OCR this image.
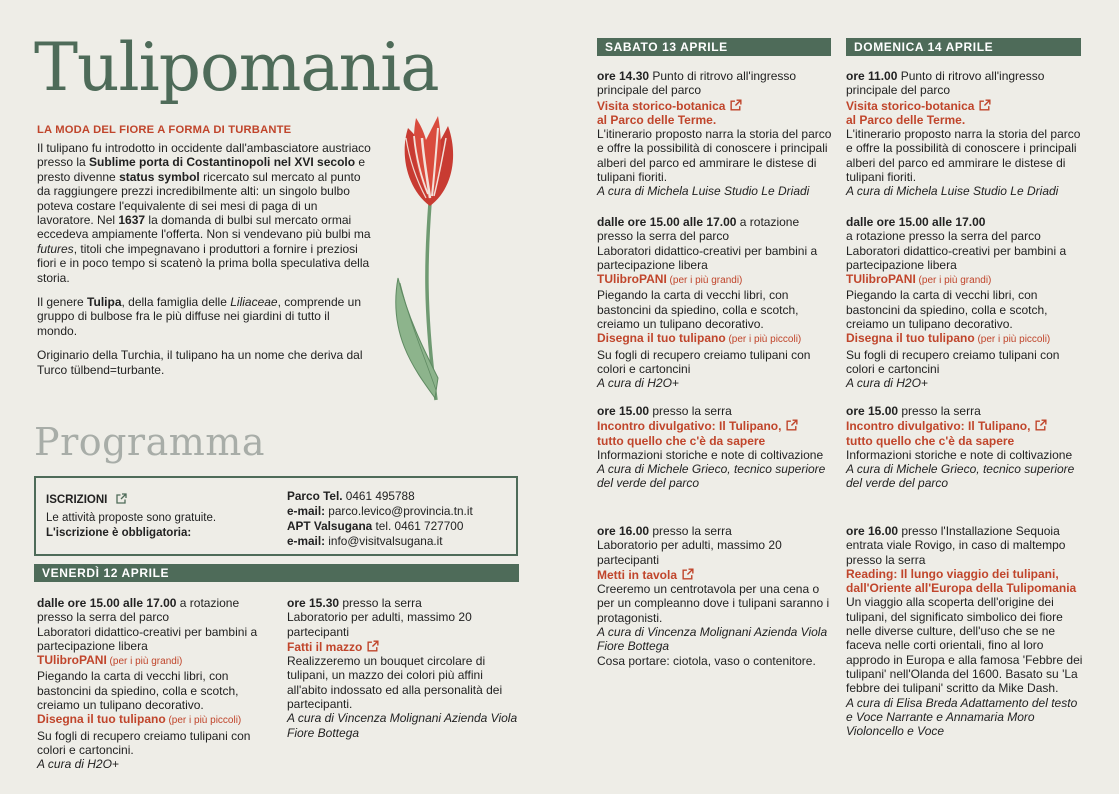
Tulipomania
LA MODA DEL FIORE A FORMA DI TURBANTE

Il tulipano fu introdotto in occidente dall'ambasciatore austriaco presso la Sublime porta di Costantinopoli nel XVI secolo e presto divenne status symbol ricercato sul mercato al punto da raggiungere prezzi incredibilmente alti: un singolo bulbo poteva costare l'equivalente di sei mesi di paga di un lavoratore. Nel 1637 la domanda di bulbi sul mercato ormai eccedeva ampiamente l'offerta. Non si vendevano più bulbi ma futures, titoli che impegnavano i produttori a fornire i preziosi fiori e in poco tempo si scatenò la prima bolla speculativa della storia.

Il genere Tulipa, della famiglia delle Liliaceae, comprende un gruppo di bulbose fra le più diffuse nei giardini di tutto il mondo.

Originario della Turchia, il tulipano ha un nome che deriva dal Turco tülbend=turbante.

Programma
ISCRIZIONI
Le attività proposte sono gratuite.
L'iscrizione è obbligatoria:
Parco Tel. 0461 495788
e-mail: parco.levico@provincia.tn.it
APT Valsugana tel. 0461 727700
e-mail: info@visitvalsugana.it
VENERDÌ 12 APRILE
dalle ore 15.00 alle 17.00 a rotazione presso la serra del parco
Laboratori didattico-creativi per bambini a partecipazione libera
TUlibroPANI (per i più grandi)
Piegando la carta di vecchi libri, con bastoncini da spiedino, colla e scotch, creiamo un tulipano decorativo.
Disegna il tuo tulipano (per i più piccoli)
Su fogli di recupero creiamo tulipani con colori e cartoncini.
A cura di H2O+
ore 15.30 presso la serra
Laboratorio per adulti, massimo 20 partecipanti
Fatti il mazzo
Realizzeremo un bouquet circolare di tulipani, un mazzo dei colori più affini all'abito indossato ed alla personalità dei partecipanti.
A cura di Vincenza Molignani Azienda Viola Fiore Bottega
SABATO 13 APRILE
ore 14.30 Punto di ritrovo all'ingresso principale del parco
Visita storico-botanica
al Parco delle Terme.
L'itinerario proposto narra la storia del parco e offre la possibilità di conoscere i principali alberi del parco ed ammirare le distese di tulipani fioriti.
A cura di Michela Luise Studio Le Driadi
dalle ore 15.00 alle 17.00 a rotazione presso la serra del parco
Laboratori didattico-creativi per bambini a partecipazione libera
TUlibroPANI (per i più grandi)
Piegando la carta di vecchi libri, con bastoncini da spiedino, colla e scotch, creiamo un tulipano decorativo.
Disegna il tuo tulipano (per i più piccoli)
Su fogli di recupero creiamo tulipani con colori e cartoncini
A cura di H2O+
ore 15.00 presso la serra
Incontro divulgativo: Il Tulipano,
tutto quello che c'è da sapere
Informazioni storiche e note di coltivazione
A cura di Michele Grieco, tecnico superiore del verde del parco
ore 16.00 presso la serra
Laboratorio per adulti, massimo 20 partecipanti
Metti in tavola
Creeremo un centrotavola per una cena o per un compleanno dove i tulipani saranno i protagonisti.
A cura di Vincenza Molignani Azienda Viola Fiore Bottega
Cosa portare: ciotola, vaso o contenitore.
DOMENICA 14 APRILE
ore 11.00 Punto di ritrovo all'ingresso principale del parco
Visita storico-botanica
al Parco delle Terme.
L'itinerario proposto narra la storia del parco e offre la possibilità di conoscere i principali alberi del parco ed ammirare le distese di tulipani fioriti.
A cura di Michela Luise Studio Le Driadi
dalle ore 15.00 alle 17.00
a rotazione presso la serra del parco
Laboratori didattico-creativi per bambini a partecipazione libera
TUlibroPANI (per i più grandi)
Piegando la carta di vecchi libri, con bastoncini da spiedino, colla e scotch, creiamo un tulipano decorativo.
Disegna il tuo tulipano (per i più piccoli)
Su fogli di recupero creiamo tulipani con colori e cartoncini
A cura di H2O+
ore 15.00 presso la serra
Incontro divulgativo: Il Tulipano,
tutto quello che c'è da sapere
Informazioni storiche e note di coltivazione
A cura di Michele Grieco, tecnico superiore del verde del parco
ore 16.00 presso l'Installazione Sequoia entrata viale Rovigo, in caso di maltempo presso la serra
Reading: Il lungo viaggio dei tulipani, dall'Oriente all'Europa della Tulipomania
Un viaggio alla scoperta dell'origine dei tulipani, del significato simbolico dei fiore nelle diverse culture, dell'uso che se ne faceva nelle corti orientali, fino al loro approdo in Europa e alla famosa 'Febbre dei tulipani' nell'Olanda del 1600. Basato su 'La febbre dei tulipani' scritto da Mike Dash.
A cura di Elisa Breda Adattamento del testo e Voce Narrante e Annamaria Moro Violoncello e Voce
